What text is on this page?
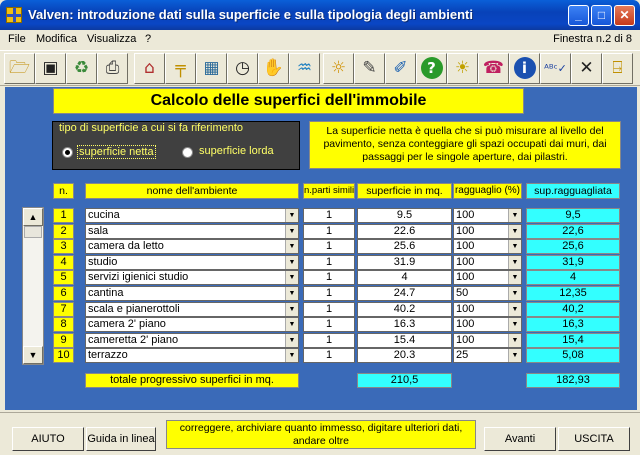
Valven: introduzione dati sulla superficie e sulla tipologia degli ambienti	_	□	✕
File Modifica Visualizza ?	Finestra n.2 di 8
🗁 ▣ ♻ ⎙	⌂	╤	▦ ◷ ✋ ♒	☼ ✎ ✐	?	☀ ☎	i	ᴬᴮᶜ✓ ✕	⍈
Calcolo delle superfici dell'immobile
tipo di superficie a cui si fa riferimento
superficie netta	superficie lorda
La superficie netta è quella che si può misurare al livello del pavimento, senza conteggiare gli spazi occupati dai muri, dai passaggi per le singole aperture, dai pilastri.
n.	nome dell'ambiente	n.parti simili	superficie in mq.	ragguaglio (%)	sup.ragguagliata
▲
▼
1	cucina	▼	1	9.5	100	▼	9,5
2	sala	▼	1	22.6	100	▼	22,6
3	camera da letto	▼	1	25.6	100	▼	25,6
4	studio	▼	1	31.9	100	▼	31,9
5	servizi igienici studio	▼	1	4	100	▼	4
6	cantina	▼	1	24.7	50	▼	12,35
7	scala e pianerottoli	▼	1	40.2	100	▼	40,2
8	camera 2' piano	▼	1	16.3	100	▼	16,3
9	cameretta 2' piano	▼	1	15.4	100	▼	15,4
10	terrazzo	▼	1	20.3	25	▼	5,08
totale progressivo superfici in mq.	210,5	182,93
AIUTO	Guida in linea
correggere, archiviare quanto immesso, digitare ulteriori dati, andare oltre	Avanti	USCITA
